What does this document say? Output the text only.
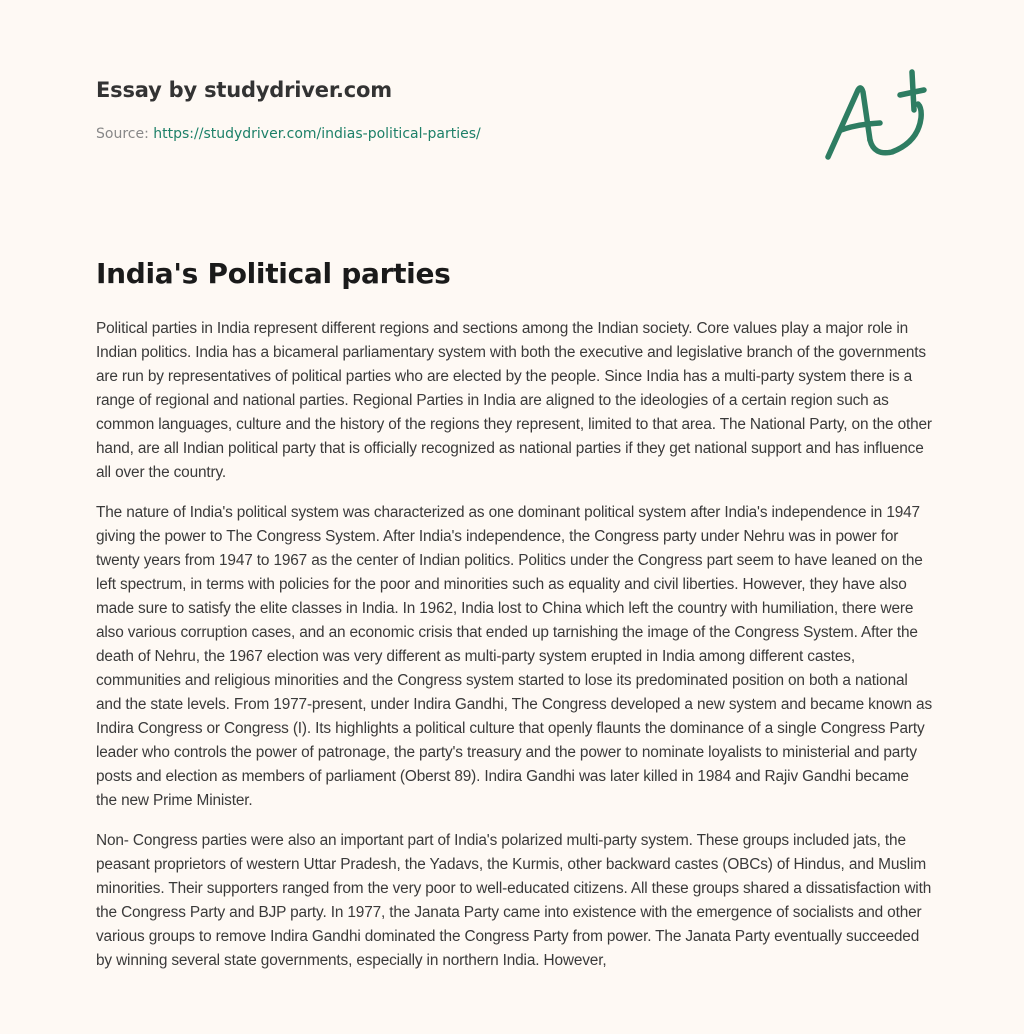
Essay by studydriver.com
Source: https://studydriver.com/indias-political-parties/
India's Political parties

Political parties in India represent different regions and sections among the Indian society. Core values play a major role in Indian politics. India has a bicameral parliamentary system with both the executive and legislative branch of the governments are run by representatives of political parties who are elected by the people. Since India has a multi-party system there is a range of regional and national parties. Regional Parties in India are aligned to the ideologies of a certain region such as common languages, culture and the history of the regions they represent, limited to that area. The National Party, on the other hand, are all Indian political party that is officially recognized as national parties if they get national support and has influence all over the country.

The nature of India's political system was characterized as one dominant political system after India's independence in 1947 giving the power to The Congress System. After India's independence, the Congress party under Nehru was in power for twenty years from 1947 to 1967 as the center of Indian politics. Politics under the Congress part seem to have leaned on the left spectrum, in terms with policies for the poor and minorities such as equality and civil liberties. However, they have also made sure to satisfy the elite classes in India. In 1962, India lost to China which left the country with humiliation, there were also various corruption cases, and an economic crisis that ended up tarnishing the image of the Congress System. After the death of Nehru, the 1967 election was very different as multi-party system erupted in India among different castes, communities and religious minorities and the Congress system started to lose its predominated position on both a national and the state levels. From 1977-present, under Indira Gandhi, The Congress developed a new system and became known as Indira Congress or Congress (I). Its highlights a political culture that openly flaunts the dominance of a single Congress Party leader who controls the power of patronage, the party's treasury and the power to nominate loyalists to ministerial and party posts and election as members of parliament (Oberst 89). Indira Gandhi was later killed in 1984 and Rajiv Gandhi became the new Prime Minister.

Non- Congress parties were also an important part of India's polarized multi-party system. These groups included jats, the peasant proprietors of western Uttar Pradesh, the Yadavs, the Kurmis, other backward castes (OBCs) of Hindus, and Muslim minorities. Their supporters ranged from the very poor to well-educated citizens. All these groups shared a dissatisfaction with the Congress Party and BJP party. In 1977, the Janata Party came into existence with the emergence of socialists and other various groups to remove Indira Gandhi dominated the Congress Party from power. The Janata Party eventually succeeded by winning several state governments, especially in northern India. However,
